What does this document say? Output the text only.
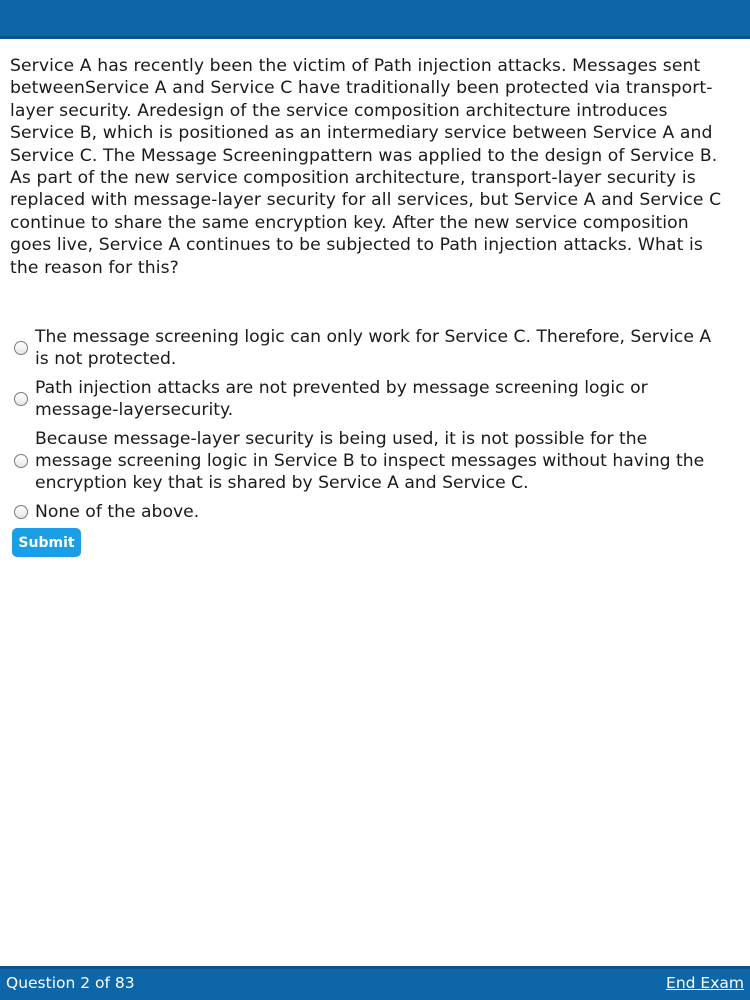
Service A has recently been the victim of Path injection attacks. Messages sent
betweenService A and Service C have traditionally been protected via transport-
layer security. Aredesign of the service composition architecture introduces
Service B, which is positioned as an intermediary service between Service A and
Service C. The Message Screeningpattern was applied to the design of Service B.
As part of the new service composition architecture, transport-layer security is
replaced with message-layer security for all services, but Service A and Service C
continue to share the same encryption key. After the new service composition
goes live, Service A continues to be subjected to Path injection attacks. What is
the reason for this?
The message screening logic can only work for Service C. Therefore, Service A
is not protected.
Path injection attacks are not prevented by message screening logic or
message-layersecurity.
Because message-layer security is being used, it is not possible for the
message screening logic in Service B to inspect messages without having the
encryption key that is shared by Service A and Service C.
None of the above.
Submit
Question 2 of 83	End Exam
